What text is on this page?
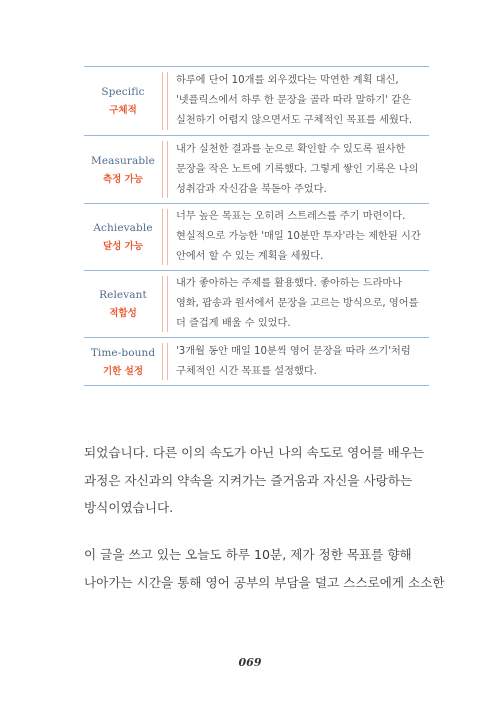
Specific
구체적
하루에 단어 10개를 외우겠다는 막연한 계획 대신,
'넷플릭스에서 하루 한 문장을 골라 따라 말하기' 같은
실천하기 어렵지 않으면서도 구체적인 목표를 세웠다.
Measurable
측정 가능
내가 실천한 결과를 눈으로 확인할 수 있도록 필사한
문장을 작은 노트에 기록했다. 그렇게 쌓인 기록은 나의
성취감과 자신감을 북돋아 주었다.
Achievable
달성 가능
너무 높은 목표는 오히려 스트레스를 주기 마련이다.
현실적으로 가능한 '매일 10분만 투자'라는 제한된 시간
안에서 할 수 있는 계획을 세웠다.
Relevant
적합성
내가 좋아하는 주제를 활용했다. 좋아하는 드라마나
영화, 팝송과 원서에서 문장을 고르는 방식으로, 영어를
더 즐겁게 배울 수 있었다.
Time-bound
기한 설정
'3개월 동안 매일 10분씩 영어 문장을 따라 쓰기'처럼
구체적인 시간 목표를 설정했다.
되었습니다. 다른 이의 속도가 아닌 나의 속도로 영어를 배우는
과정은 자신과의 약속을 지켜가는 즐거움과 자신을 사랑하는
방식이였습니다.
이 글을 쓰고 있는 오늘도 하루 10분, 제가 정한 목표를 향해
나아가는 시간을 통해 영어 공부의 부담을 덜고 스스로에게 소소한
069
